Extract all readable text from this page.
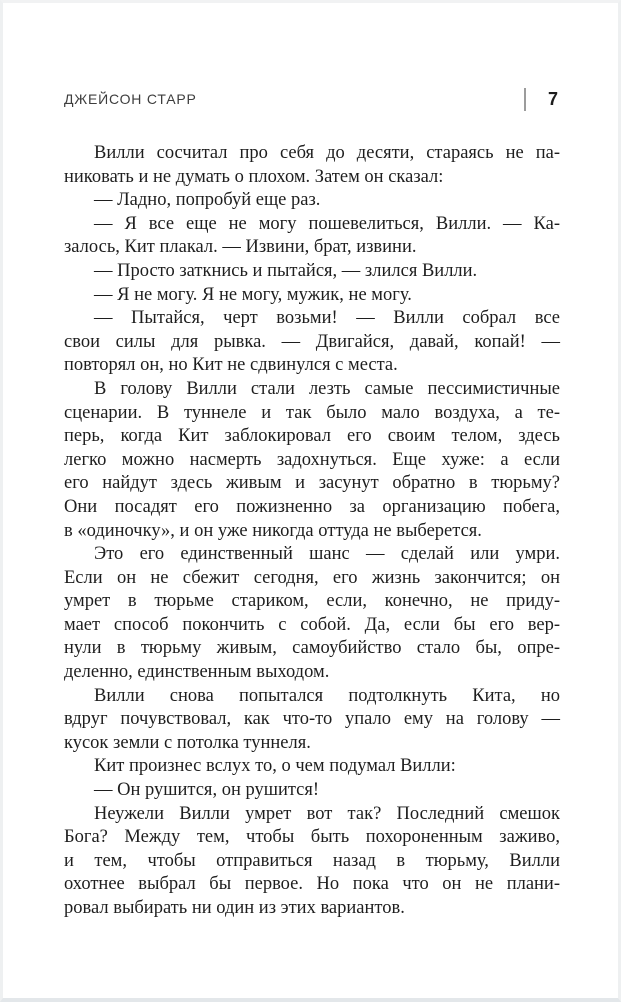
ДЖЕЙСОН СТАРР	7
Вилли сосчитал про себя до десяти, стараясь не па-
никовать и не думать о плохом. Затем он сказал:
— Ладно, попробуй еще раз.
— Я все еще не могу пошевелиться, Вилли. — Ка-
залось, Кит плакал. — Извини, брат, извини.
— Просто заткнись и пытайся, — злился Вилли.
— Я не могу. Я не могу, мужик, не могу.
— Пытайся, черт возьми! — Вилли собрал все
свои силы для рывка. — Двигайся, давай, копай! —
повторял он, но Кит не сдвинулся с места.
В голову Вилли стали лезть самые пессимистичные
сценарии. В туннеле и так было мало воздуха, а те-
перь, когда Кит заблокировал его своим телом, здесь
легко можно насмерть задохнуться. Еще хуже: а если
его найдут здесь живым и засунут обратно в тюрьму?
Они посадят его пожизненно за организацию побега,
в «одиночку», и он уже никогда оттуда не выберется.
Это его единственный шанс — сделай или умри.
Если он не сбежит сегодня, его жизнь закончится; он
умрет в тюрьме стариком, если, конечно, не приду-
мает способ покончить с собой. Да, если бы его вер-
нули в тюрьму живым, самоубийство стало бы, опре-
деленно, единственным выходом.
Вилли снова попытался подтолкнуть Кита, но
вдруг почувствовал, как что-то упало ему на голову —
кусок земли с потолка туннеля.
Кит произнес вслух то, о чем подумал Вилли:
— Он рушится, он рушится!
Неужели Вилли умрет вот так? Последний смешок
Бога? Между тем, чтобы быть похороненным заживо,
и тем, чтобы отправиться назад в тюрьму, Вилли
охотнее выбрал бы первое. Но пока что он не плани-
ровал выбирать ни один из этих вариантов.
